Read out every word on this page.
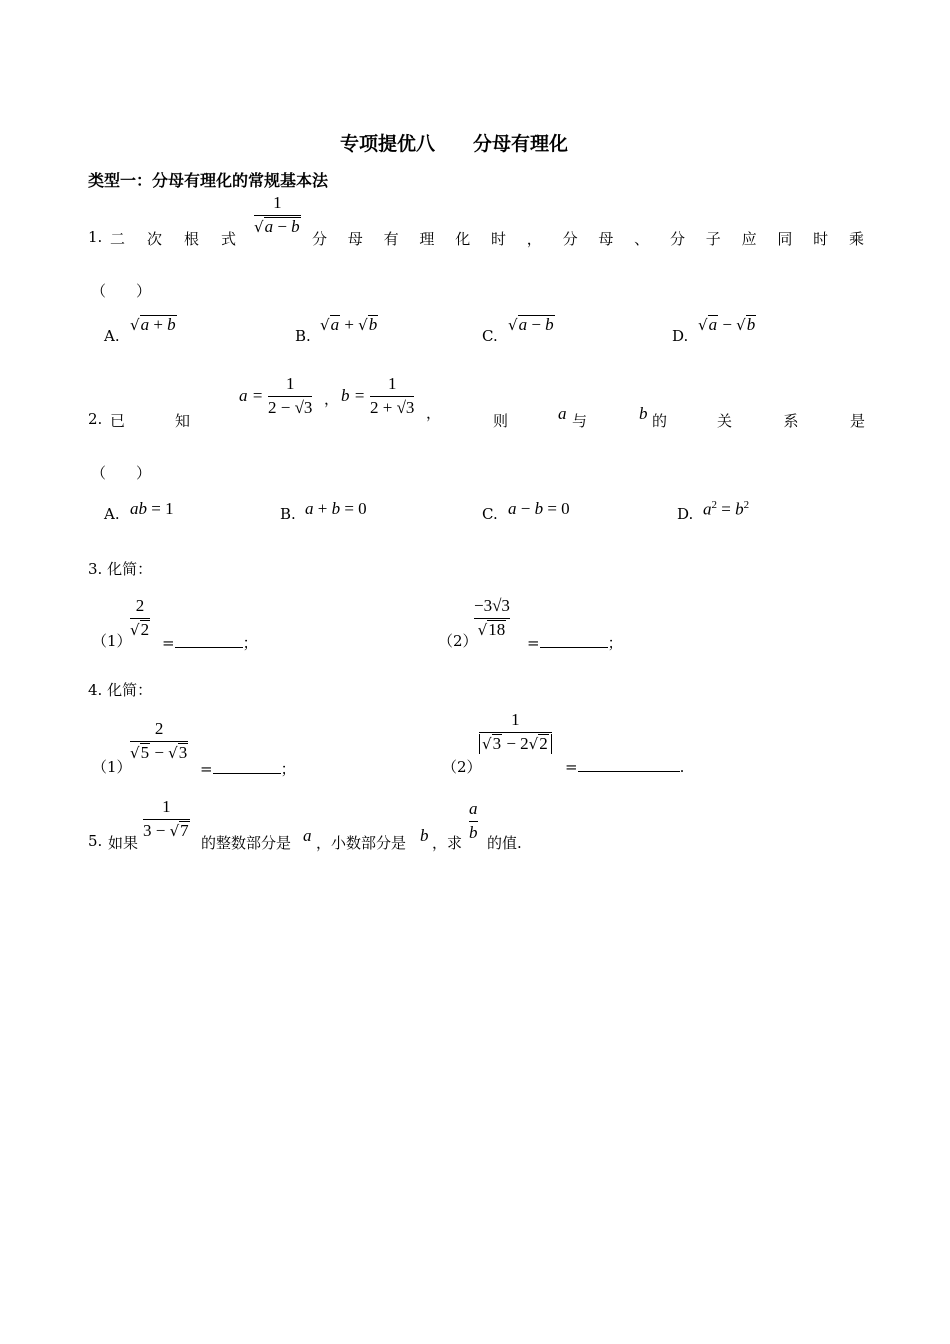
专项提优八　　分母有理化
类型一：分母有理化的常规基本法
1. 二 次 根 式
1
√a − b
分 母 有 理 化 时 ， 分 母 、 分 子 应 同 时 乘
（　　）
A.
√a + b
B.
√a + √b
C.
√a − b
D.
√a − √b
2. 已	知
a =
1
2 − √3 ， b =
1
2 + √3 ，	则	a 与	b 的	关	系	是
（　　）
A. ab = 1	B. a + b = 0	C. a − b = 0	D. $a^2 = b^2$
3. 化简：
（1）
2
√2
=	；	（2）
−3√3
√18
=	；
4. 化简：
（1）
2
√5 − √3
=	；	（2）
1
√3 − 2√2
=	.
5. 如果
1
3 − √7
的整数部分是 a ，小数部分是 b ，求
a
b
的值.
